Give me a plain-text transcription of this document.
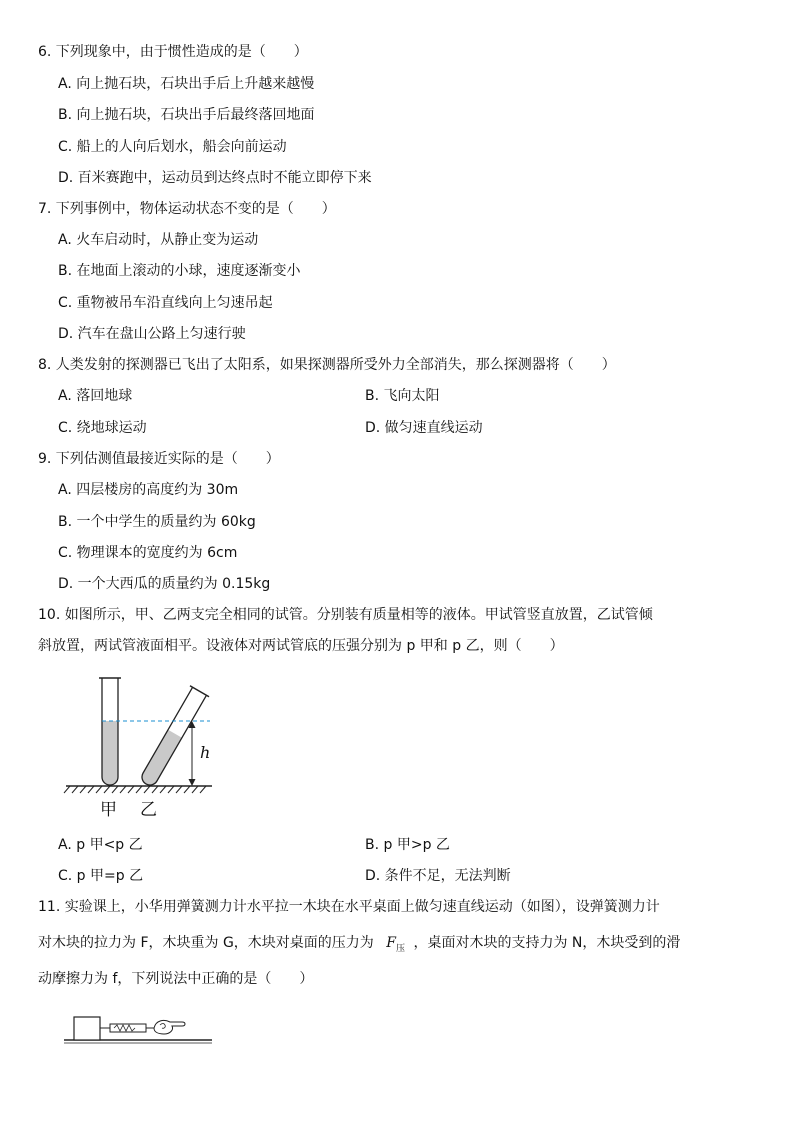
6. 下列现象中，由于惯性造成的是（　　）
A. 向上抛石块，石块出手后上升越来越慢
B. 向上抛石块，石块出手后最终落回地面
C. 船上的人向后划水，船会向前运动
D. 百米赛跑中，运动员到达终点时不能立即停下来
7. 下列事例中，物体运动状态不变的是（　　）
A. 火车启动时，从静止变为运动
B. 在地面上滚动的小球，速度逐渐变小
C. 重物被吊车沿直线向上匀速吊起
D. 汽车在盘山公路上匀速行驶
8. 人类发射的探测器已飞出了太阳系，如果探测器所受外力全部消失，那么探测器将（　　）
A. 落回地球	B. 飞向太阳
C. 绕地球运动	D. 做匀速直线运动
9. 下列估测值最接近实际的是（　　）
A. 四层楼房的高度约为 30m
B. 一个中学生的质量约为 60kg
C. 物理课本的宽度约为 6cm
D. 一个大西瓜的质量约为 0.15kg
10. 如图所示，甲、乙两支完全相同的试管。分别装有质量相等的液体。甲试管竖直放置，乙试管倾
斜放置，两试管液面相平。设液体对两试管底的压强分别为 p 甲和 p 乙，则（　　）
h
甲 乙
A. p 甲<p 乙	B. p 甲>p 乙
C. p 甲=p 乙	D. 条件不足，无法判断
11. 实验课上，小华用弹簧测力计水平拉一木块在水平桌面上做匀速直线运动（如图），设弹簧测力计
对木块的拉力为 F，木块重为 G，木块对桌面的压力为 $F_压$ ，桌面对木块的支持力为 N，木块受到的滑
动摩擦力为 f，下列说法中正确的是（　　）
